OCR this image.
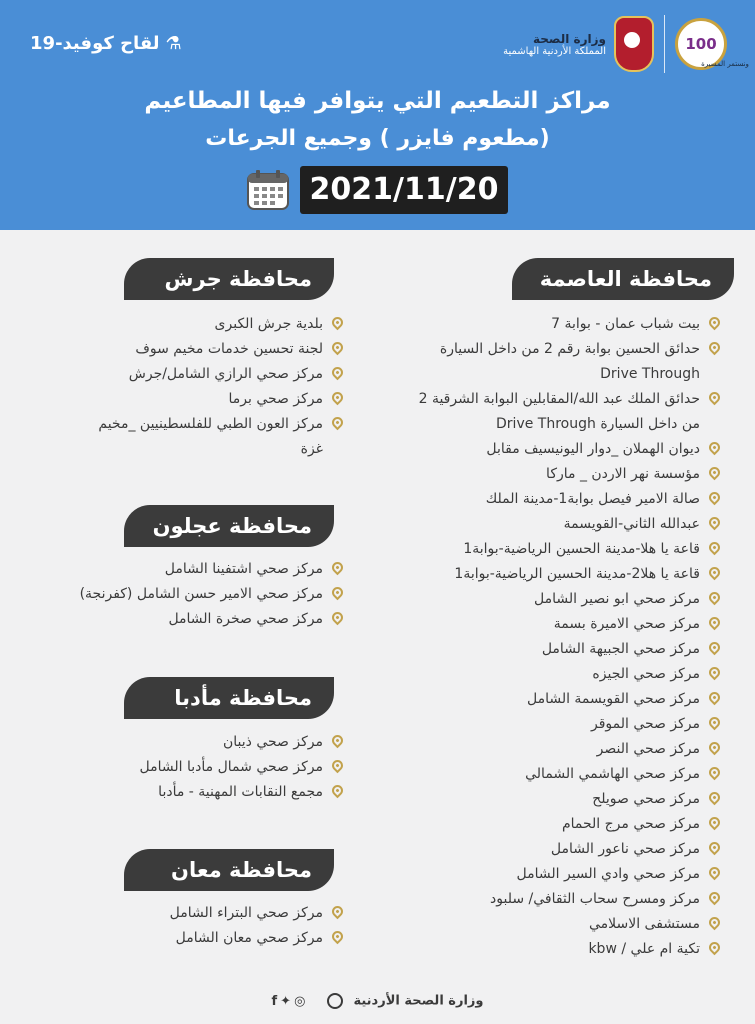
100
وزارة الصحة
المملكة الأردنية الهاشمية
ونستمر المسيرة
⚗
لقاح كوفيد-19
مراكز التطعيم التي يتوافر فيها المطاعيم
(مطعوم فايزر ) وجميع الجرعات
2021/11/20
محافظة العاصمة
بيت شباب عمان - بوابة 7
حدائق الحسين بوابة رقم 2 من داخل السيارة Drive Through
حدائق الملك عبد الله/المقابلين البوابة الشرقية 2 من داخل السيارة Drive Through
ديوان الهملان _دوار اليونيسيف مقابل
مؤسسة نهر الاردن _ ماركا
صالة الامير فيصل بوابة1-مدينة الملك
عبدالله الثاني-القويسمة
قاعة يا هلا-مدينة الحسين الرياضية-بوابة1
قاعة يا هلا2-مدينة الحسين الرياضية-بوابة1
مركز صحي ابو نصير الشامل
مركز صحي الاميرة بسمة
مركز صحي الجبيهة الشامل
مركز صحي الجيزه
مركز صحي القويسمة الشامل
مركز صحي الموقر
مركز صحي النصر
مركز صحي الهاشمي الشمالي
مركز صحي صويلح
مركز صحي مرج الحمام
مركز صحي ناعور الشامل
مركز صحي وادي السير الشامل
مركز ومسرح سحاب الثقافي/ سلبود
مستشفى الاسلامي
تكية ام علي / kbw
محافظة جرش
بلدية جرش الكبرى
لجنة تحسين خدمات مخيم سوف
مركز صحي الرازي الشامل/جرش
مركز صحي برما
مركز العون الطبي للفلسطينيين _مخيم غزة
محافظة عجلون
مركز صحي اشتفينا الشامل
مركز صحي الامير حسن الشامل (كفرنجة)
مركز صحي صخرة الشامل
محافظة مأدبا
مركز صحي ذيبان
مركز صحي شمال مأدبا الشامل
مجمع النقابات المهنية - مأدبا
محافظة معان
مركز صحي البتراء الشامل
مركز صحي معان الشامل
وزارة الصحة الأردنية  ◎✦f
